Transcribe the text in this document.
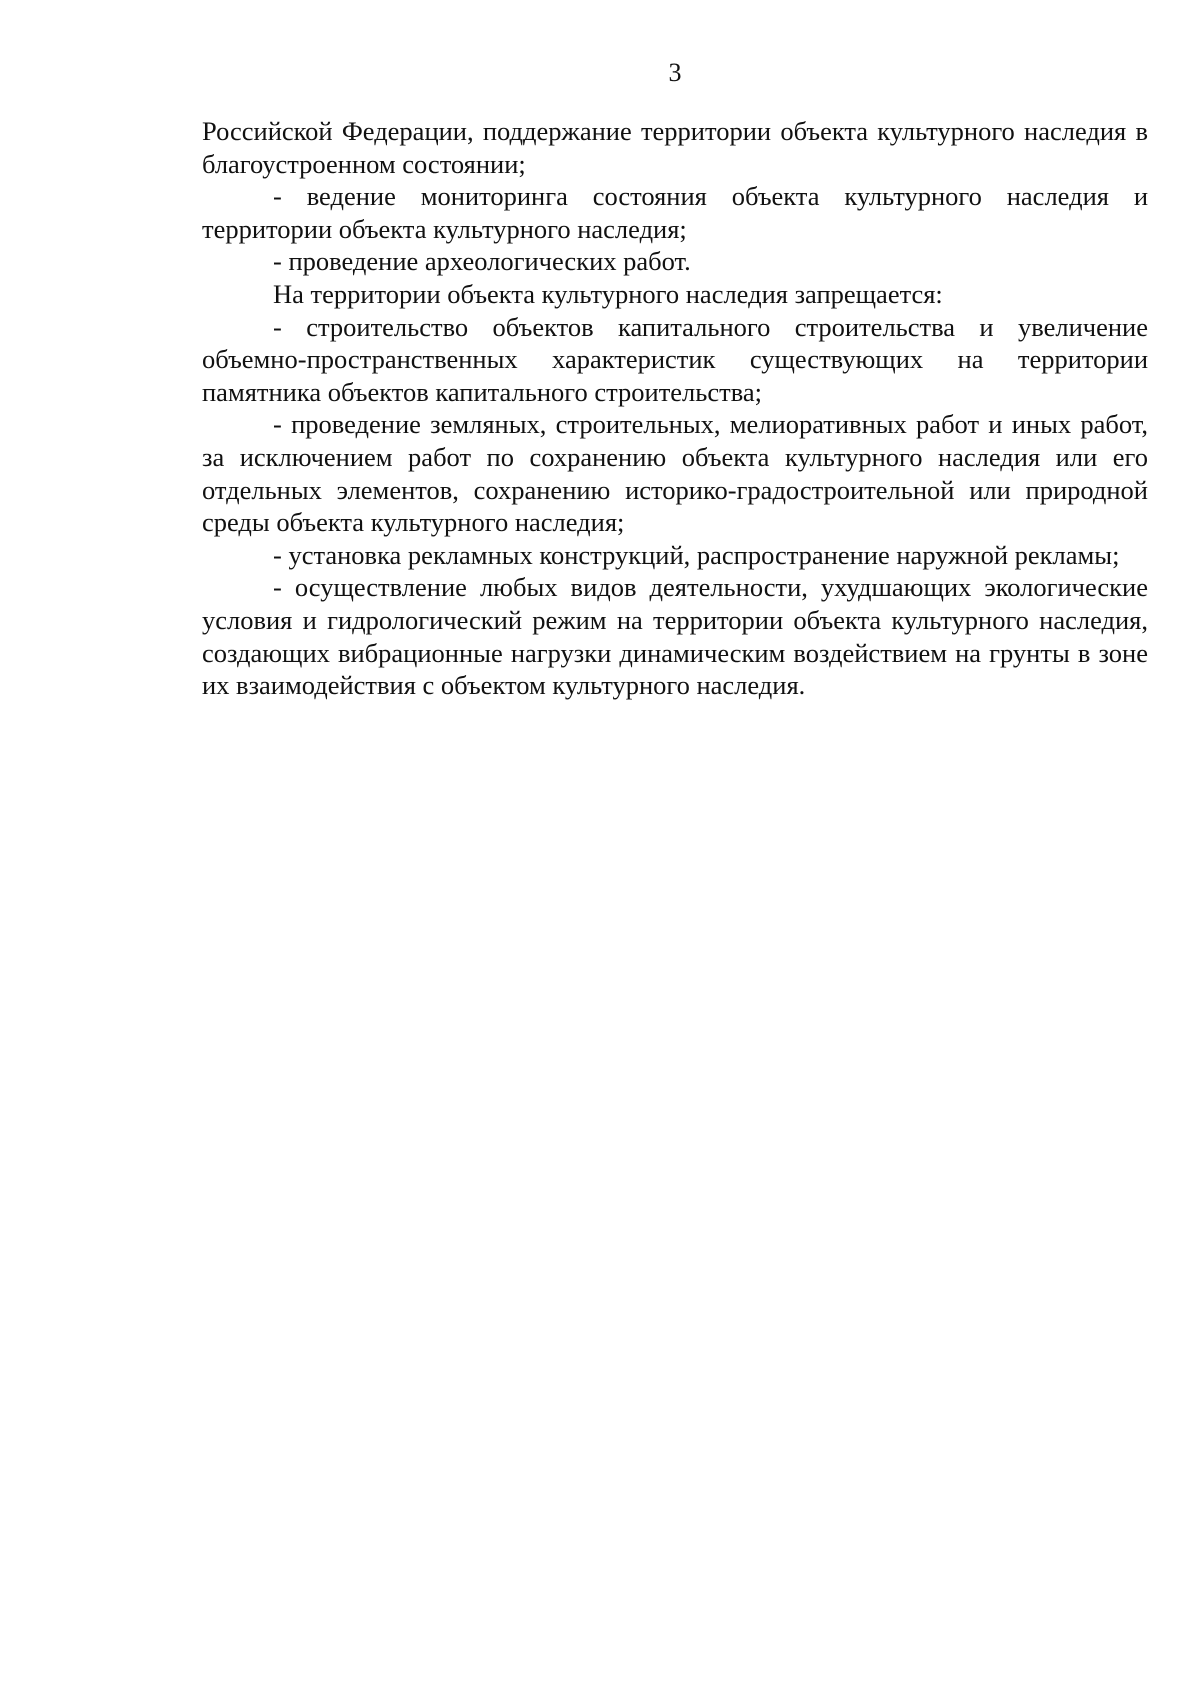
3

Российской Федерации, поддержание территории объекта культурного наследия в благоустроенном состоянии;

- ведение мониторинга состояния объекта культурного наследия и территории объекта культурного наследия;

- проведение археологических работ.

На территории объекта культурного наследия запрещается:

- строительство объектов капитального строительства и увеличение объемно-пространственных характеристик существующих на территории памятника объектов капитального строительства;

- проведение земляных, строительных, мелиоративных работ и иных работ, за исключением работ по сохранению объекта культурного наследия или его отдельных элементов, сохранению историко-градостроительной или природной среды объекта культурного наследия;

- установка рекламных конструкций, распространение наружной рекламы;

- осуществление любых видов деятельности, ухудшающих экологические условия и гидрологический режим на территории объекта культурного наследия, создающих вибрационные нагрузки динамическим воздействием на грунты в зоне их взаимодействия с объектом культурного наследия.
